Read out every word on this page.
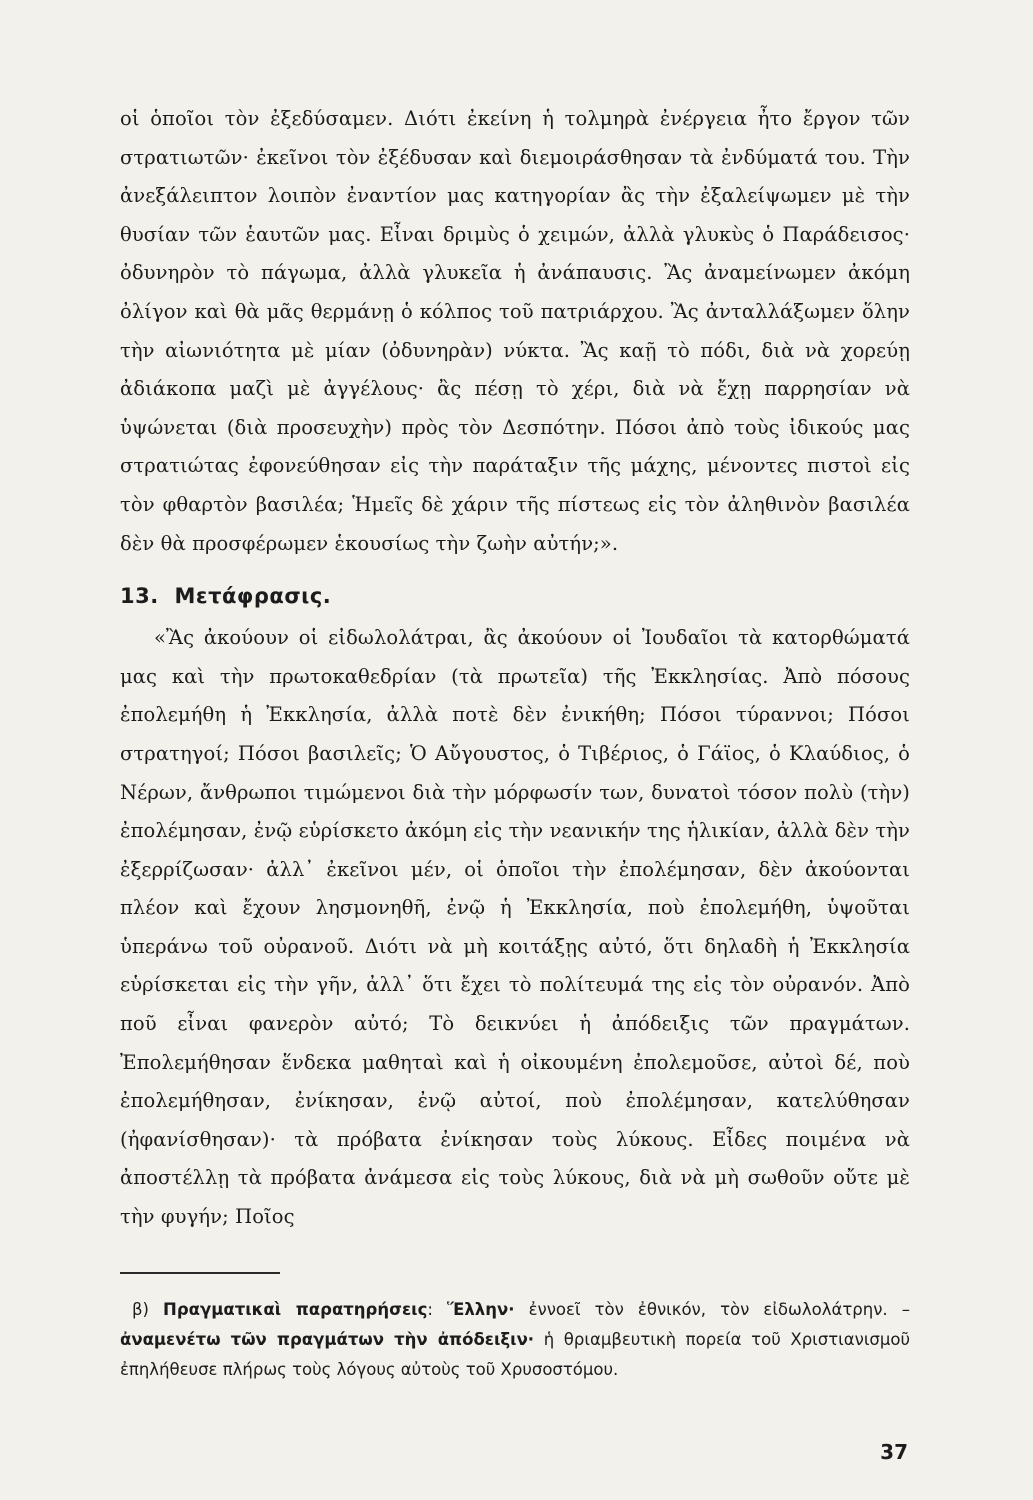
οἱ ὁποῖοι τὸν ἐξεδύσαμεν. Διότι ἐκείνη ἡ τολμηρὰ ἐνέργεια ἦτο ἔργον τῶν στρατιωτῶν· ἐκεῖνοι τὸν ἐξέδυσαν καὶ διεμοιράσθησαν τὰ ἐνδύματά του. Τὴν ἀνεξάλειπτον λοιπὸν ἐναντίον μας κατηγορίαν ἂς τὴν ἐξαλείψωμεν μὲ τὴν θυσίαν τῶν ἑαυτῶν μας. Εἶναι δριμὺς ὁ χειμών, ἀλλὰ γλυκὺς ὁ Παράδεισος· ὀδυνηρὸν τὸ πάγωμα, ἀλλὰ γλυκεῖα ἡ ἀνάπαυσις. Ἂς ἀναμείνωμεν ἀκόμη ὀλίγον καὶ θὰ μᾶς θερμάνῃ ὁ κόλπος τοῦ πατριάρχου. Ἂς ἀνταλλάξωμεν ὅλην τὴν αἰωνιότητα μὲ μίαν (ὀδυνηρὰν) νύκτα. Ἂς καῇ τὸ πόδι, διὰ νὰ χορεύῃ ἀδιάκοπα μαζὶ μὲ ἀγγέλους· ἂς πέσῃ τὸ χέρι, διὰ νὰ ἔχῃ παρρησίαν νὰ ὑψώνεται (διὰ προσευχὴν) πρὸς τὸν Δεσπότην. Πόσοι ἀπὸ τοὺς ἰδικούς μας στρατιώτας ἐφονεύθησαν εἰς τὴν παράταξιν τῆς μάχης, μένοντες πιστοὶ εἰς τὸν φθαρτὸν βασιλέα; Ἡμεῖς δὲ χάριν τῆς πίστεως εἰς τὸν ἀληθινὸν βασιλέα δὲν θὰ προσφέρωμεν ἑκουσίως τὴν ζωὴν αὐτήν;».

13. Μετάφρασις.

«Ἂς ἀκούουν οἱ εἰδωλολάτραι, ἂς ἀκούουν οἱ Ἰουδαῖοι τὰ κατορθώματά μας καὶ τὴν πρωτοκαθεδρίαν (τὰ πρωτεῖα) τῆς Ἐκκλησίας. Ἀπὸ πόσους ἐπολεμήθη ἡ Ἐκκλησία, ἀλλὰ ποτὲ δὲν ἐνικήθη; Πόσοι τύραννοι; Πόσοι στρατηγοί; Πόσοι βασιλεῖς; Ὁ Αὔγουστος, ὁ Τιβέριος, ὁ Γάϊος, ὁ Κλαύδιος, ὁ Νέρων, ἄνθρωποι τιμώμενοι διὰ τὴν μόρφωσίν των, δυνατοὶ τόσον πολὺ (τὴν) ἐπολέμησαν, ἐνῷ εὑρίσκετο ἀκόμη εἰς τὴν νεανικήν της ἡλικίαν, ἀλλὰ δὲν τὴν ἐξερρίζωσαν· ἀλλ᾽ ἐκεῖνοι μέν, οἱ ὁποῖοι τὴν ἐπολέμησαν, δὲν ἀκούονται πλέον καὶ ἔχουν λησμονηθῆ, ἐνῷ ἡ Ἐκκλησία, ποὺ ἐπολεμήθη, ὑψοῦται ὑπεράνω τοῦ οὐρανοῦ. Διότι νὰ μὴ κοιτάξῃς αὐτό, ὅτι δηλαδὴ ἡ Ἐκκλησία εὑρίσκεται εἰς τὴν γῆν, ἀλλ᾽ ὅτι ἔχει τὸ πολίτευμά της εἰς τὸν οὐρανόν. Ἀπὸ ποῦ εἶναι φανερὸν αὐτό; Τὸ δεικνύει ἡ ἀπόδειξις τῶν πραγμάτων. Ἐπολεμήθησαν ἕνδεκα μαθηταὶ καὶ ἡ οἰκουμένη ἐπολεμοῦσε, αὐτοὶ δέ, ποὺ ἐπολεμήθησαν, ἐνίκησαν, ἐνῷ αὐτοί, ποὺ ἐπολέμησαν, κατελύθησαν (ἠφανίσθησαν)· τὰ πρόβατα ἐνίκησαν τοὺς λύκους. Εἶδες ποιμένα νὰ ἀποστέλλῃ τὰ πρόβατα ἀνάμεσα εἰς τοὺς λύκους, διὰ νὰ μὴ σωθοῦν οὔτε μὲ τὴν φυγήν; Ποῖος

β) Πραγματικαὶ παρατηρήσεις: Ἕλλην· ἐννοεῖ τὸν ἐθνικόν, τὸν εἰδωλολάτρην. – ἀναμενέτω τῶν πραγμάτων τὴν ἀπόδειξιν· ἡ θριαμβευτικὴ πορεία τοῦ Χριστιανισμοῦ ἐπηλήθευσε πλήρως τοὺς λόγους αὐτοὺς τοῦ Χρυσοστόμου.

37
